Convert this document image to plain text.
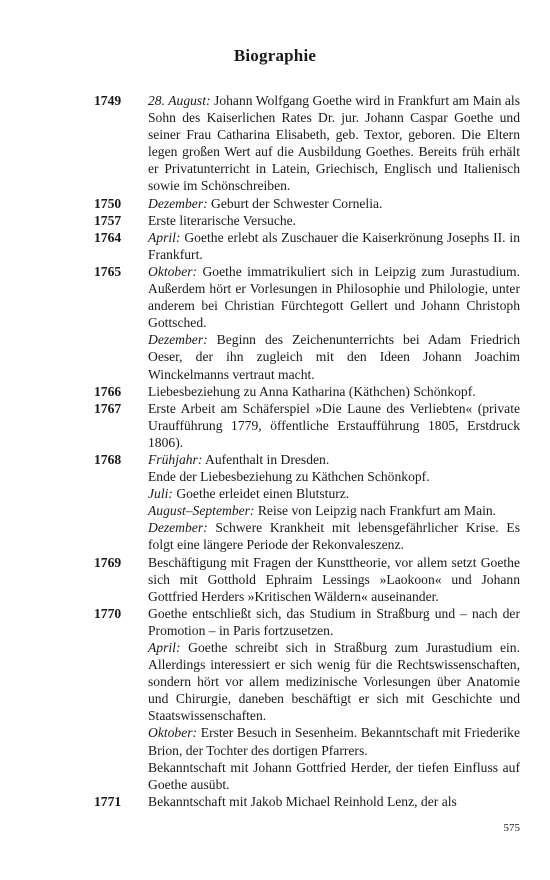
Biographie
1749	28. August: Johann Wolfgang Goethe wird in Frankfurt am Main als Sohn des Kaiserlichen Rates Dr. jur. Johann Caspar Goethe und seiner Frau Catharina Elisabeth, geb. Textor, geboren. Die Eltern legen großen Wert auf die Ausbildung Goethes. Bereits früh erhält er Privatunterricht in Latein, Griechisch, Englisch und Italienisch sowie im Schönschreiben.
1750	Dezember: Geburt der Schwester Cornelia.
1757	Erste literarische Versuche.
1764	April: Goethe erlebt als Zuschauer die Kaiserkrönung Josephs II. in Frankfurt.
1765	Oktober: Goethe immatrikuliert sich in Leipzig zum Jurastudium. Außerdem hört er Vorlesungen in Philosophie und Philologie, unter anderem bei Christian Fürchtegott Gellert und Johann Christoph Gottsched.
Dezember: Beginn des Zeichenunterrichts bei Adam Friedrich Oeser, der ihn zugleich mit den Ideen Johann Joachim Winckelmanns vertraut macht.
1766	Liebesbeziehung zu Anna Katharina (Käthchen) Schönkopf.
1767	Erste Arbeit am Schäferspiel »Die Laune des Verliebten« (private Uraufführung 1779, öffentliche Erstaufführung 1805, Erstdruck 1806).
1768	Frühjahr: Aufenthalt in Dresden.
Ende der Liebesbeziehung zu Käthchen Schönkopf.
Juli: Goethe erleidet einen Blutsturz.
August–September: Reise von Leipzig nach Frankfurt am Main.
Dezember: Schwere Krankheit mit lebensgefährlicher Krise. Es folgt eine längere Periode der Rekonvaleszenz.
1769	Beschäftigung mit Fragen der Kunsttheorie, vor allem setzt Goethe sich mit Gotthold Ephraim Lessings »Laokoon« und Johann Gottfried Herders »Kritischen Wäldern« auseinander.
1770	Goethe entschließt sich, das Studium in Straßburg und – nach der Promotion – in Paris fortzusetzen.
April: Goethe schreibt sich in Straßburg zum Jurastudium ein. Allerdings interessiert er sich wenig für die Rechtswissenschaften, sondern hört vor allem medizinische Vorlesungen über Anatomie und Chirurgie, daneben beschäftigt er sich mit Geschichte und Staatswissenschaften.
Oktober: Erster Besuch in Sesenheim. Bekanntschaft mit Friederike Brion, der Tochter des dortigen Pfarrers.
Bekanntschaft mit Johann Gottfried Herder, der tiefen Einfluss auf Goethe ausübt.
1771	Bekanntschaft mit Jakob Michael Reinhold Lenz, der als
575
